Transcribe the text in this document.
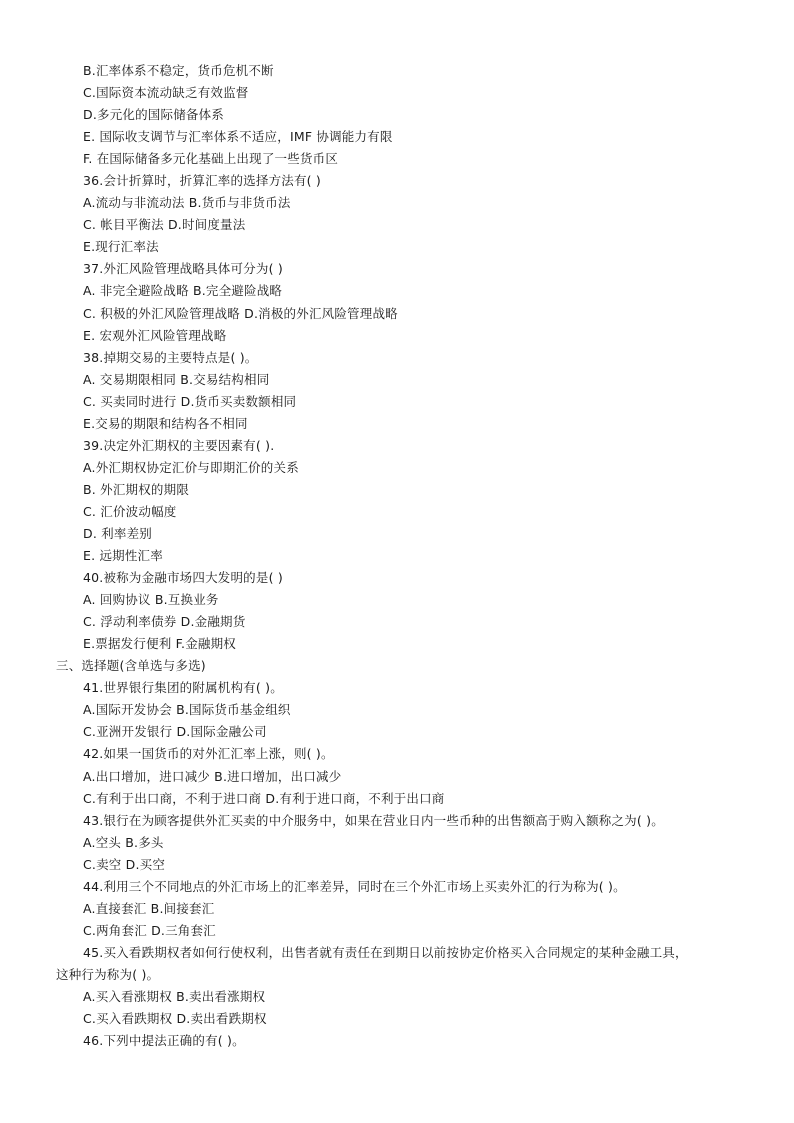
B.汇率体系不稳定，货币危机不断
C.国际资本流动缺乏有效监督
D.多元化的国际储备体系
E. 国际收支调节与汇率体系不适应，IMF 协调能力有限
F. 在国际储备多元化基础上出现了一些货币区
36.会计折算时，折算汇率的选择方法有( )
A.流动与非流动法 B.货币与非货币法
C. 帐目平衡法 D.时间度量法
E.现行汇率法
37.外汇风险管理战略具体可分为( )
A. 非完全避险战略 B.完全避险战略
C. 积极的外汇风险管理战略 D.消极的外汇风险管理战略
E. 宏观外汇风险管理战略
38.掉期交易的主要特点是( )。
A. 交易期限相同 B.交易结构相同
C. 买卖同时进行 D.货币买卖数额相同
E.交易的期限和结构各不相同
39.决定外汇期权的主要因素有( ).
A.外汇期权协定汇价与即期汇价的关系
B. 外汇期权的期限
C. 汇价波动幅度
D. 利率差别
E. 远期性汇率
40.被称为金融市场四大发明的是( )
A. 回购协议 B.互换业务
C. 浮动利率债券 D.金融期货
E.票据发行便利 F.金融期权
三、选择题(含单选与多选)
41.世界银行集团的附属机构有( )。
A.国际开发协会 B.国际货币基金组织
C.亚洲开发银行 D.国际金融公司
42.如果一国货币的对外汇汇率上涨，则( )。
A.出口增加，进口减少 B.进口增加，出口减少
C.有利于出口商，不利于进口商 D.有利于进口商，不利于出口商
43.银行在为顾客提供外汇买卖的中介服务中，如果在营业日内一些币种的出售额高于购入额称之为( )。
A.空头 B.多头
C.卖空 D.买空
44.利用三个不同地点的外汇市场上的汇率差异，同时在三个外汇市场上买卖外汇的行为称为( )。
A.直接套汇 B.间接套汇
C.两角套汇 D.三角套汇
45.买入看跌期权者如何行使权利，出售者就有责任在到期日以前按协定价格买入合同规定的某种金融工具，
这种行为称为( )。
A.买入看涨期权 B.卖出看涨期权
C.买入看跌期权 D.卖出看跌期权
46.下列中提法正确的有( )。
